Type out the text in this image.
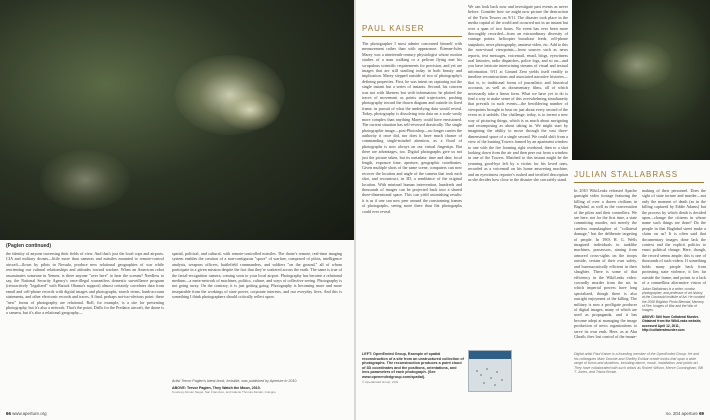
(Paglen continued)
the identity of anyone traversing their fields of view. And that's just the local cops and airports. CIA and military drones—little more than cameras and missiles mounted to remote-control aircraft—flown by pilots in Nevada, produce new relational geographies of war while reorienting our cultural relationships and attitudes toward warfare. When an American robot assassinates someone in Yemen, is there anyone "over here" to hear the scream? Needless to say, the National Security Agency's once-illegal warrantless domestic surveillance program (retroactively "legalized" with Barack Obama's support) almost certainly correlates data from email and cell-phone records with digital images and photographs, search terms, bank-account statements, and other electronic records and traces. A final, perhaps not-too-obvious point: these "new" forms of photography are relational. Roll, for example, is a site for presenting photography, but it's also a network. That's the point. Drills for the Predator aircraft, the drone is a camera, but it's also a relational geography—
spatial, political, and cultural, with remote-controlled missiles. The drone's remote, real-time imaging system enables the creation of a non-contiguous "space" of warfare, composed of pilots, intelligence analysts, weapons officers, battlefield commanders, and soldiers "on the ground," all of whom participate in a given mission despite the fact that they're scattered across the earth. The same is true of the facial-recognition camera, coming soon to your local airport. Photography has become a relational medium—a meta-network of machines, politics, culture, and ways of collective seeing. Photography is not going away. On the contrary, it is just getting going. Photography is becoming more and more inseparable from the workings of state power, corporate interests, and our everyday lives. And this is something I think photographers should critically reflect upon.
Artist Trevor Paglen's latest book, Invisible, was published by Aperture in 2010.
ABOVE: Trevor Paglen, They Watch the Moon, 2010.
Courtesy Altman Siegel, San Francisco, and Galerie Thomas Zander, Cologne
66 www.aperture.org
PAUL KAISER
The photographer I most admire concerned himself with measurement rather than with appearance. Étienne-Jules Marey was a nineteenth-century physiologist whose motion studies of a man walking or a pelican flying met his scrupulous scientific requirements for precision, and yet are images that are still startling today in both beauty and implication. Marey stepped outside of two of photography's defining properties. First, he was intent on capturing not the single instant but a series of instants. Second, his concern was not with likeness but with information: he plotted the traces of movement as points and trajectories, pushing photography toward the drawn diagram and outside its fixed frame, in pursuit of what the underlying data would reveal. Today, photography is dissolving into data on a scale vastly more complex than anything Marey could have envisioned. The current situation has self-reversed drastically. The single photographic image—post-Photoshop—no longer carries the authority it once did, nor does it have much chance of commanding single-minded attention, as a flood of photographs is now always on our virtual fingertips. But there are advantages, too. Digital photographs give us not just the picture taken, but its metadata: time and date, focal length, exposure time, aperture, geographic coordinates. Given multiple shots of the same scene, computers can now recover the location and angle of the camera that took each shot, and reconstruct, in 3D, a semblance of the original location. With minimal human intervention, hundreds and thousands of images can be projected back into a shared three-dimensional space. This can yield astonishing results: it is as if one can now peer around the constraining frames of photographs, seeing more there than flat photographs could ever reveal.
We can look back now and investigate past events as never before. Consider how we might now picture the destruction of the Twin Towers on 9/11. The disaster took place in the media capital of the world and occurred not in an instant but over a span of two hours. No event has ever been more thoroughly recorded—from an extraordinary diversity of vantage points: helicopter broadcast feeds, cell-phone snapshots, news photography, amateur video, etc. Add to this the non-visual viewpoints—from sources such as news reports, text messages, voicemail, email, blogs, eyewitness oral histories, radio dispatches, police logs, and so on—and you have intricate intertwining streams of visual and textual information. 9/11 at Ground Zero yields itself readily to timeline reconstructions and associated narrative histories—that is, to traditional forms of journalistic and historical accounts, as well as documentary films, all of which necessarily take a linear form. What we have yet to do is find a way to make sense of this overwhelming simultaneity that prevails in such events—the bewildering number of viewpoints brought to bear on just about every second of the event as it unfolds. Our challenge, today, is to invent a new way of picturing things, which is as much about navigating and recomposing as about taking in. We might start by imagining the ability to move through the vast three-dimensional space of a single second. We could shift from a view of the burning Towers framed by an apartment window to one with the fire looming right overhead, then to a shot looking down from the air and then peer out from a window in one of the Towers. Matched to this instant might be the yearning good-bye left by a victim for his loved ones, recorded as a voicemail on his home answering machine, and an eyewitness reporter's rushed and terrified description as she decides how close to the disaster she can safely stand.
JULIAN STALLABRASS
In 2010 WikiLeaks released Apache gunsight video footage featuring the killing of over a dozen civilians in Baghdad, as well as the conversation of the pilots and their controllers. We see here, not for the first time, a state committing murder, not merely the careless manslaughter of "collateral damage," but the deliberate targeting of people. In 1903 H. G. Wells imagined individuals in tanklike machines, possessors, aiming from armored cross-sights on the troops outside, certain of their own safety, and bureaucratically efficient in their slaughter. There is some of that efficiency in the WikiLeaks video: cowardly murder from the air, in which imperial powers have long specialized, though there is also outright enjoyment of the killing. The military is now a profligate producer of digital images, many of which are used as propaganda, and it has become adept at managing the image production of news organizations to serve its own ends. Here, as at Abu Ghraib, they lost control of the image-
making of their personnel. Does the sight of state torture and murder—not only the moment of death (as in the killing captured by Eddie Adams) but the process by which death is decided upon—change the citizens in whose name such things are done? Do the people in that Baghdad street make a claim on us? It is often said that documentary images done lack the context and the explicit politics to enact political change. Here, though, the record seems ample; this is one of thousands of such videos. If something holds many people back from protesting state violence, it lies far outside the frame, and points to a lack of a compelling alternative vision of
Julian Stallabrass is a writer, curator, photographer, and professor of art history at the Courtauld Institute of Art. He curated the 2008 Brighton Photo Biennial, Memory of Fire: Images of War and the War of Images.
ABOVE: Still from Collateral Murder. Obtained from the WikiLeaks website, accessed April 12, 2011, http://collateralmurder.com
LEFT: OpenEnded Group, Example of spatial reconstruction of a site from an unstructured collection of photographs. The reconstruction produces a point cloud of 3D coordinates and the positions, orientations, and lens parameters of each photograph. (See www.openendedgroup.com/spatial).
© OpenEnded Group, 2011
Digital artist Paul Kaiser is a founding member of the OpenEnded Group. He and his colleagues Marc Downie and Shelley Eshkar create works that span a wide range of forms and durations, including dance, music, installation, and public art. They have collaborated with such artists as Robert Wilson, Merce Cunningham, Bill T. Jones, and Trisha Brown.
no. 204 aperture 69
